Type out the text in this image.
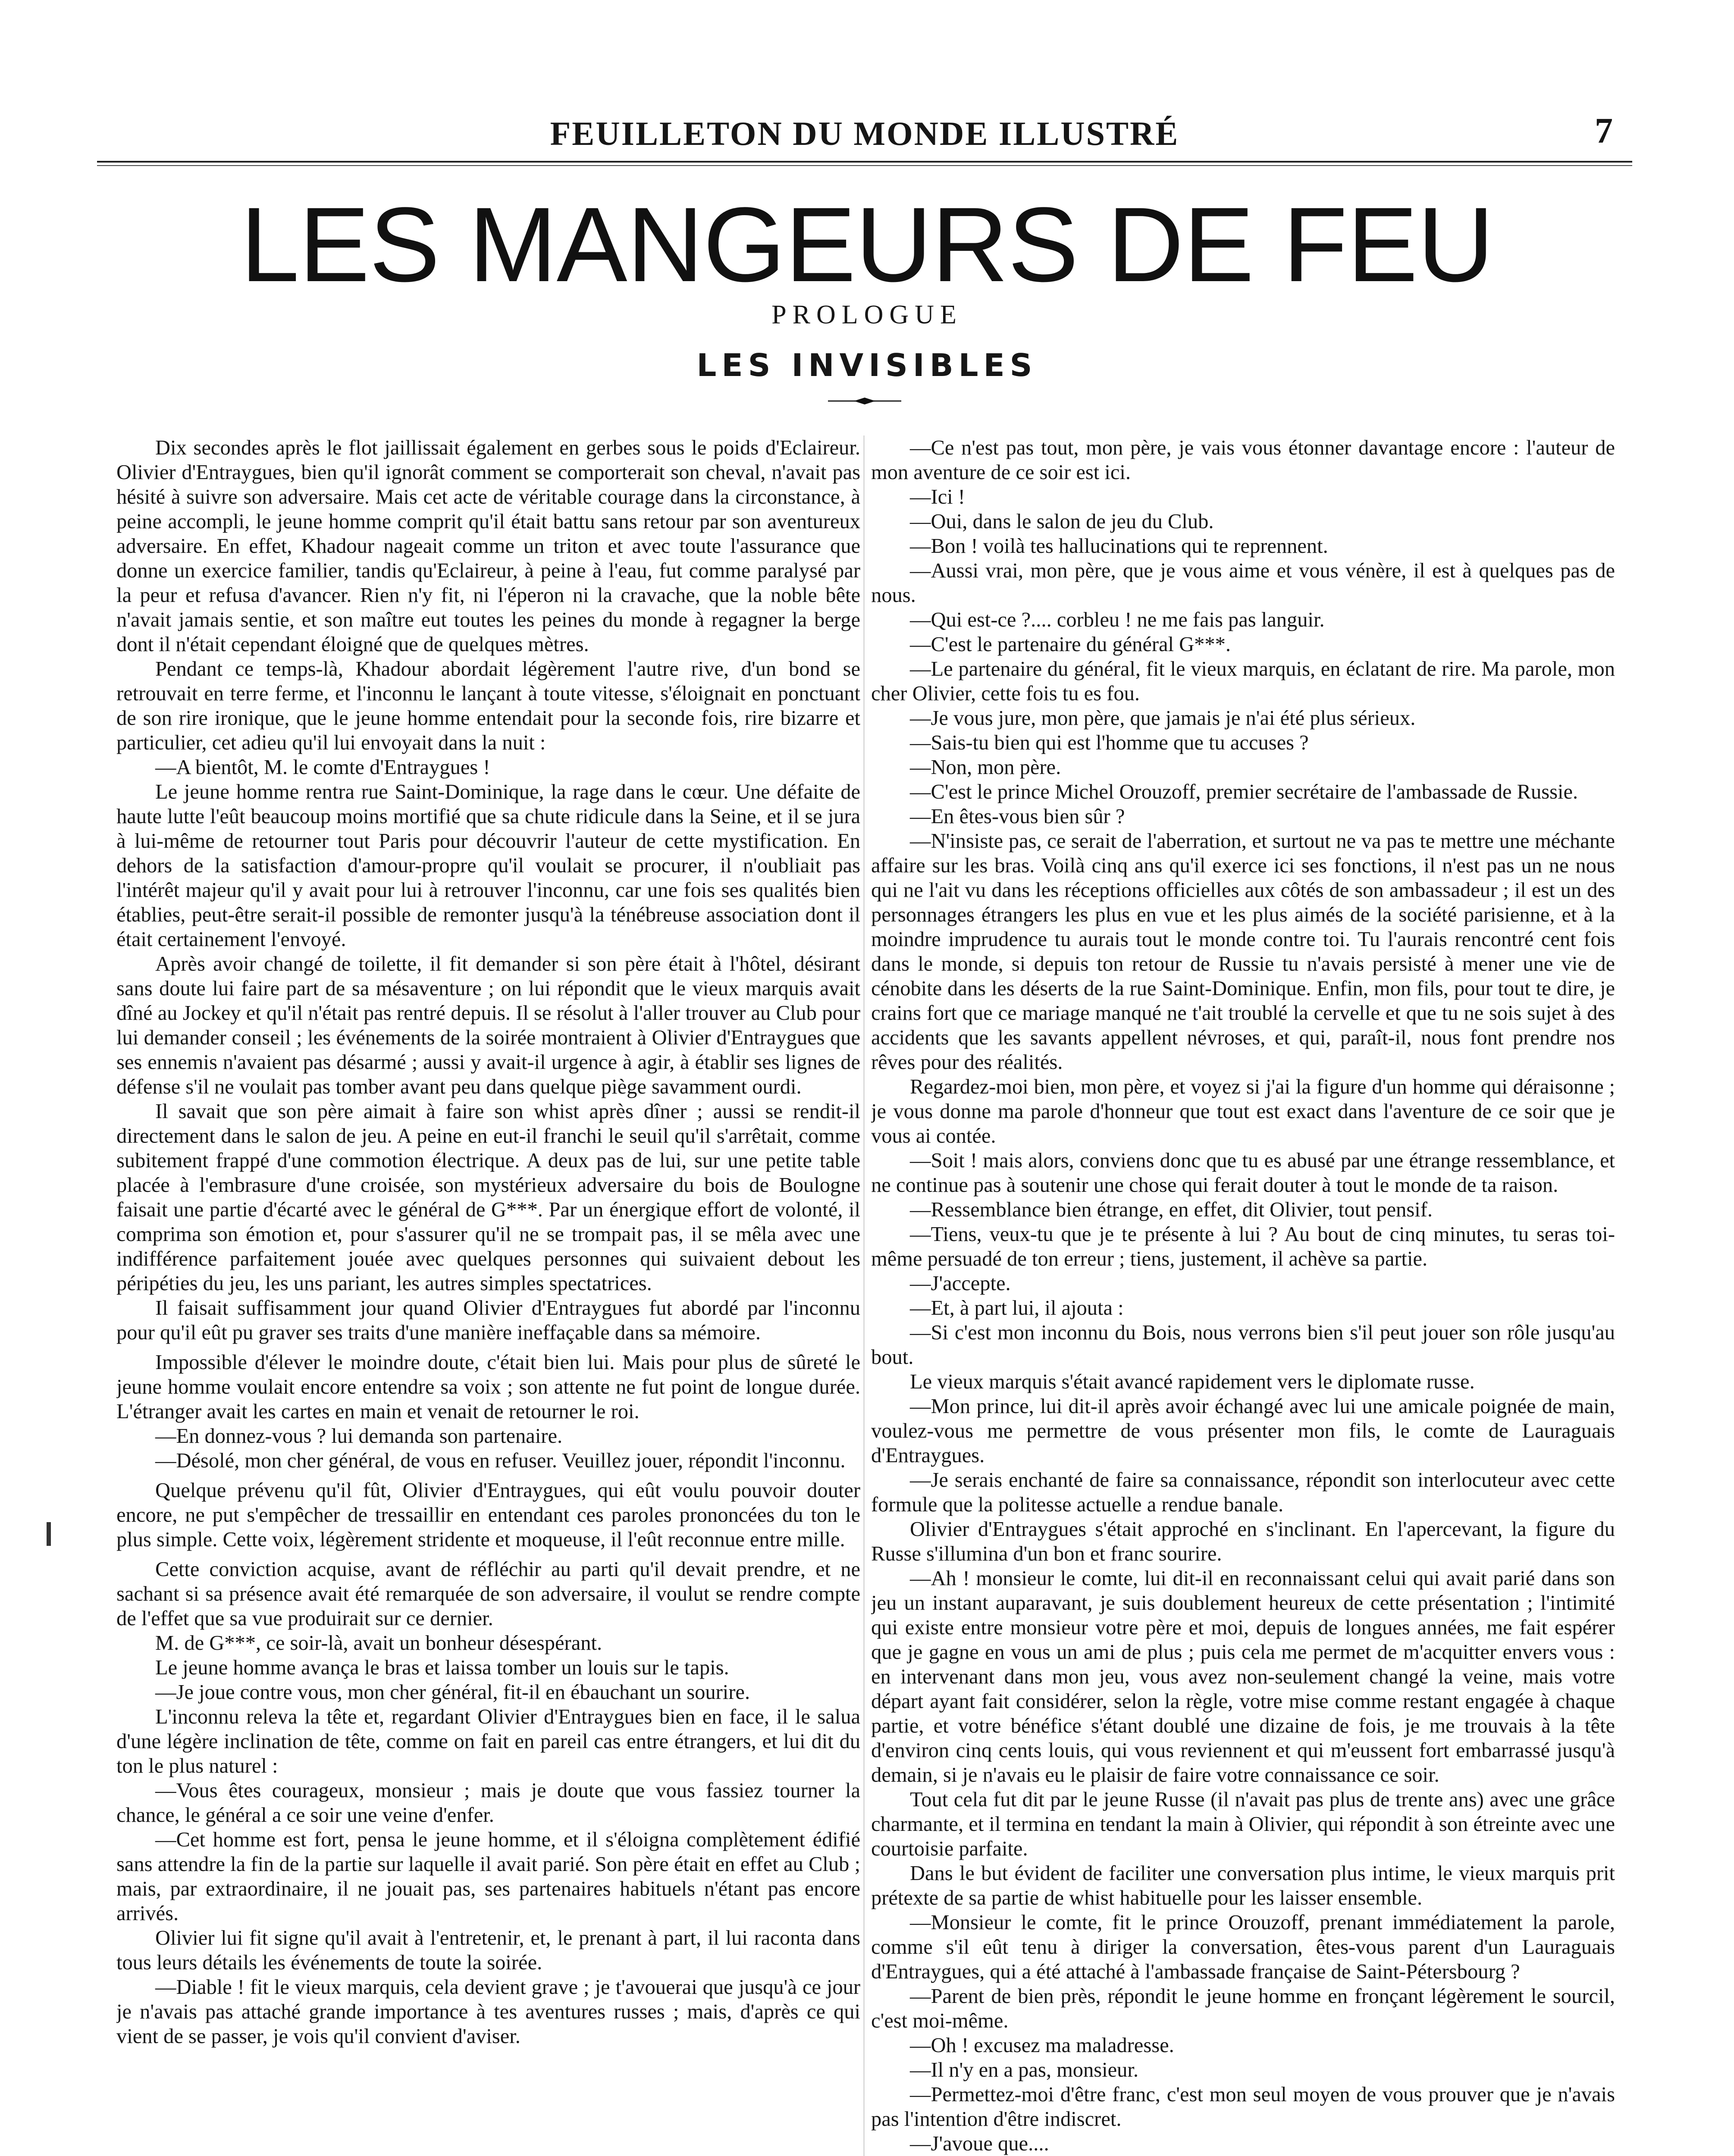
FEUILLETON DU MONDE ILLUSTRÉ	7
LES MANGEURS DE FEU
PROLOGUE
LES INVISIBLES

Dix secondes après le flot jaillissait également en gerbes sous le poids d'Eclaireur. Olivier d'Entraygues, bien qu'il ignorât comment se comporterait son cheval, n'avait pas hésité à suivre son adversaire. Mais cet acte de véritable courage dans la circonstance, à peine accompli, le jeune homme comprit qu'il était battu sans retour par son aventureux adversaire. En effet, Khadour nageait comme un triton et avec toute l'assurance que donne un exercice familier, tandis qu'Eclaireur, à peine à l'eau, fut comme paralysé par la peur et refusa d'avancer. Rien n'y fit, ni l'éperon ni la cravache, que la noble bête n'avait jamais sentie, et son maître eut toutes les peines du monde à regagner la berge dont il n'était cependant éloigné que de quelques mètres.

Pendant ce temps-là, Khadour abordait légèrement l'autre rive, d'un bond se retrouvait en terre ferme, et l'inconnu le lançant à toute vitesse, s'éloignait en ponctuant de son rire ironique, que le jeune homme entendait pour la seconde fois, rire bizarre et particulier, cet adieu qu'il lui envoyait dans la nuit :

—A bientôt, M. le comte d'Entraygues !

Le jeune homme rentra rue Saint-Dominique, la rage dans le cœur. Une défaite de haute lutte l'eût beaucoup moins mortifié que sa chute ridicule dans la Seine, et il se jura à lui-même de retourner tout Paris pour découvrir l'auteur de cette mystification. En dehors de la satisfaction d'amour-propre qu'il voulait se procurer, il n'oubliait pas l'intérêt majeur qu'il y avait pour lui à retrouver l'inconnu, car une fois ses qualités bien établies, peut-être serait-il possible de remonter jusqu'à la ténébreuse association dont il était certainement l'envoyé.

Après avoir changé de toilette, il fit demander si son père était à l'hôtel, désirant sans doute lui faire part de sa mésaventure ; on lui répondit que le vieux marquis avait dîné au Jockey et qu'il n'était pas rentré depuis. Il se résolut à l'aller trouver au Club pour lui demander conseil ; les événements de la soirée montraient à Olivier d'Entraygues que ses ennemis n'avaient pas désarmé ; aussi y avait-il urgence à agir, à établir ses lignes de défense s'il ne voulait pas tomber avant peu dans quelque piège savamment ourdi.

Il savait que son père aimait à faire son whist après dîner ; aussi se rendit-il directement dans le salon de jeu. A peine en eut-il franchi le seuil qu'il s'arrêtait, comme subitement frappé d'une commotion électrique. A deux pas de lui, sur une petite table placée à l'embrasure d'une croisée, son mystérieux adversaire du bois de Boulogne faisait une partie d'écarté avec le général de G***. Par un énergique effort de volonté, il comprima son émotion et, pour s'assurer qu'il ne se trompait pas, il se mêla avec une indifférence parfaitement jouée avec quelques personnes qui suivaient debout les péripéties du jeu, les uns pariant, les autres simples spectatrices.

Il faisait suffisamment jour quand Olivier d'Entraygues fut abordé par l'inconnu pour qu'il eût pu graver ses traits d'une manière ineffaçable dans sa mémoire.

Impossible d'élever le moindre doute, c'était bien lui. Mais pour plus de sûreté le jeune homme voulait encore entendre sa voix ; son attente ne fut point de longue durée. L'étranger avait les cartes en main et venait de retourner le roi.

—En donnez-vous ? lui demanda son partenaire.

—Désolé, mon cher général, de vous en refuser. Veuillez jouer, répondit l'inconnu.

Quelque prévenu qu'il fût, Olivier d'Entraygues, qui eût voulu pouvoir douter encore, ne put s'empêcher de tressaillir en entendant ces paroles prononcées du ton le plus simple. Cette voix, légèrement stridente et moqueuse, il l'eût reconnue entre mille.

Cette conviction acquise, avant de réfléchir au parti qu'il devait prendre, et ne sachant si sa présence avait été remarquée de son adversaire, il voulut se rendre compte de l'effet que sa vue produirait sur ce dernier.

M. de G***, ce soir-là, avait un bonheur désespérant.

Le jeune homme avança le bras et laissa tomber un louis sur le tapis.

—Je joue contre vous, mon cher général, fit-il en ébauchant un sourire.

L'inconnu releva la tête et, regardant Olivier d'Entraygues bien en face, il le salua d'une légère inclination de tête, comme on fait en pareil cas entre étrangers, et lui dit du ton le plus naturel :

—Vous êtes courageux, monsieur ; mais je doute que vous fassiez tourner la chance, le général a ce soir une veine d'enfer.

—Cet homme est fort, pensa le jeune homme, et il s'éloigna complètement édifié sans attendre la fin de la partie sur laquelle il avait parié. Son père était en effet au Club ; mais, par extraordinaire, il ne jouait pas, ses partenaires habituels n'étant pas encore arrivés.

Olivier lui fit signe qu'il avait à l'entretenir, et, le prenant à part, il lui raconta dans tous leurs détails les événements de toute la soirée.

—Diable ! fit le vieux marquis, cela devient grave ; je t'avouerai que jusqu'à ce jour je n'avais pas attaché grande importance à tes aventures russes ; mais, d'après ce qui vient de se passer, je vois qu'il convient d'aviser.

—Ce n'est pas tout, mon père, je vais vous étonner davantage encore : l'auteur de mon aventure de ce soir est ici.

—Ici !

—Oui, dans le salon de jeu du Club.

—Bon ! voilà tes hallucinations qui te reprennent.

—Aussi vrai, mon père, que je vous aime et vous vénère, il est à quelques pas de nous.

—Qui est-ce ?.... corbleu ! ne me fais pas languir.

—C'est le partenaire du général G***.

—Le partenaire du général, fit le vieux marquis, en éclatant de rire. Ma parole, mon cher Olivier, cette fois tu es fou.

—Je vous jure, mon père, que jamais je n'ai été plus sérieux.

—Sais-tu bien qui est l'homme que tu accuses ?

—Non, mon père.

—C'est le prince Michel Orouzoff, premier secrétaire de l'ambassade de Russie.

—En êtes-vous bien sûr ?

—N'insiste pas, ce serait de l'aberration, et surtout ne va pas te mettre une méchante affaire sur les bras. Voilà cinq ans qu'il exerce ici ses fonctions, il n'est pas un ne nous qui ne l'ait vu dans les réceptions officielles aux côtés de son ambassadeur ; il est un des personnages étrangers les plus en vue et les plus aimés de la société parisienne, et à la moindre imprudence tu aurais tout le monde contre toi. Tu l'aurais rencontré cent fois dans le monde, si depuis ton retour de Russie tu n'avais persisté à mener une vie de cénobite dans les déserts de la rue Saint-Dominique. Enfin, mon fils, pour tout te dire, je crains fort que ce mariage manqué ne t'ait troublé la cervelle et que tu ne sois sujet à des accidents que les savants appellent névroses, et qui, paraît-il, nous font prendre nos rêves pour des réalités.

Regardez-moi bien, mon père, et voyez si j'ai la figure d'un homme qui déraisonne ; je vous donne ma parole d'honneur que tout est exact dans l'aventure de ce soir que je vous ai contée.

—Soit ! mais alors, conviens donc que tu es abusé par une étrange ressemblance, et ne continue pas à soutenir une chose qui ferait douter à tout le monde de ta raison.

—Ressemblance bien étrange, en effet, dit Olivier, tout pensif.

—Tiens, veux-tu que je te présente à lui ? Au bout de cinq minutes, tu seras toi-même persuadé de ton erreur ; tiens, justement, il achève sa partie.

—J'accepte.

—Et, à part lui, il ajouta :

—Si c'est mon inconnu du Bois, nous verrons bien s'il peut jouer son rôle jusqu'au bout.

Le vieux marquis s'était avancé rapidement vers le diplomate russe.

—Mon prince, lui dit-il après avoir échangé avec lui une amicale poignée de main, voulez-vous me permettre de vous présenter mon fils, le comte de Lauraguais d'Entraygues.

—Je serais enchanté de faire sa connaissance, répondit son interlocuteur avec cette formule que la politesse actuelle a rendue banale.

Olivier d'Entraygues s'était approché en s'inclinant. En l'apercevant, la figure du Russe s'illumina d'un bon et franc sourire.

—Ah ! monsieur le comte, lui dit-il en reconnaissant celui qui avait parié dans son jeu un instant auparavant, je suis doublement heureux de cette présentation ; l'intimité qui existe entre monsieur votre père et moi, depuis de longues années, me fait espérer que je gagne en vous un ami de plus ; puis cela me permet de m'acquitter envers vous : en intervenant dans mon jeu, vous avez non-seulement changé la veine, mais votre départ ayant fait considérer, selon la règle, votre mise comme restant engagée à chaque partie, et votre bénéfice s'étant doublé une dizaine de fois, je me trouvais à la tête d'environ cinq cents louis, qui vous reviennent et qui m'eussent fort embarrassé jusqu'à demain, si je n'avais eu le plaisir de faire votre connaissance ce soir.

Tout cela fut dit par le jeune Russe (il n'avait pas plus de trente ans) avec une grâce charmante, et il termina en tendant la main à Olivier, qui répondit à son étreinte avec une courtoisie parfaite.

Dans le but évident de faciliter une conversation plus intime, le vieux marquis prit prétexte de sa partie de whist habituelle pour les laisser ensemble.

—Monsieur le comte, fit le prince Orouzoff, prenant immédiatement la parole, comme s'il eût tenu à diriger la conversation, êtes-vous parent d'un Lauraguais d'Entraygues, qui a été attaché à l'ambassade française de Saint-Pétersbourg ?

—Parent de bien près, répondit le jeune homme en fronçant légèrement le sourcil, c'est moi-même.

—Oh ! excusez ma maladresse.

—Il n'y en a pas, monsieur.

—Permettez-moi d'être franc, c'est mon seul moyen de vous prouver que je n'avais pas l'intention d'être indiscret.

—J'avoue que....
